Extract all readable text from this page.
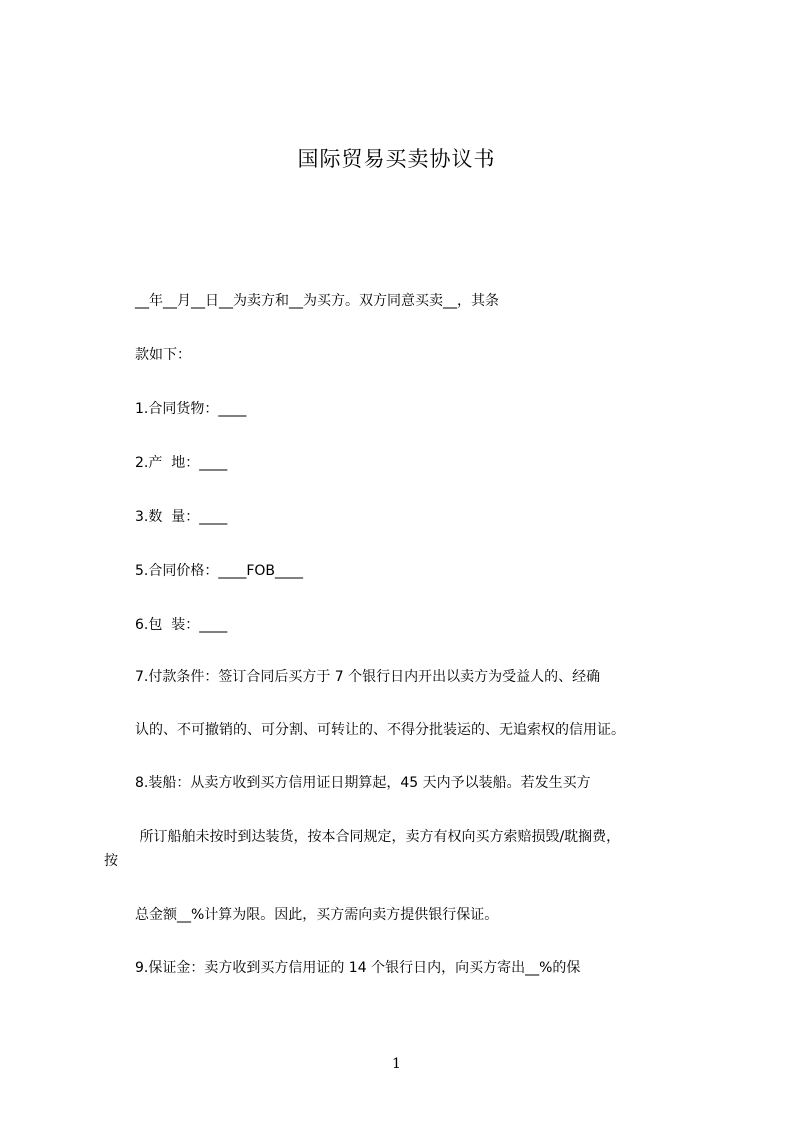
国际贸易买卖协议书
__年__月__日__为卖方和__为买方。双方同意买卖__，其条
款如下：
1.合同货物：____
2.产  地：____
3.数  量：____
5.合同价格：____FOB____
6.包  装：____
7.付款条件：签订合同后买方于 7 个银行日内开出以卖方为受益人的、经确
认的、不可撤销的、可分割、可转让的、不得分批装运的、无追索权的信用证。
8.装船：从卖方收到买方信用证日期算起，45 天内予以装船。若发生买方
所订船舶未按时到达装货，按本合同规定，卖方有权向买方索赔损毁/耽搁费，
按
总金额__%计算为限。因此，买方需向卖方提供银行保证。
9.保证金：卖方收到买方信用证的 14 个银行日内，向买方寄出__%的保
1
